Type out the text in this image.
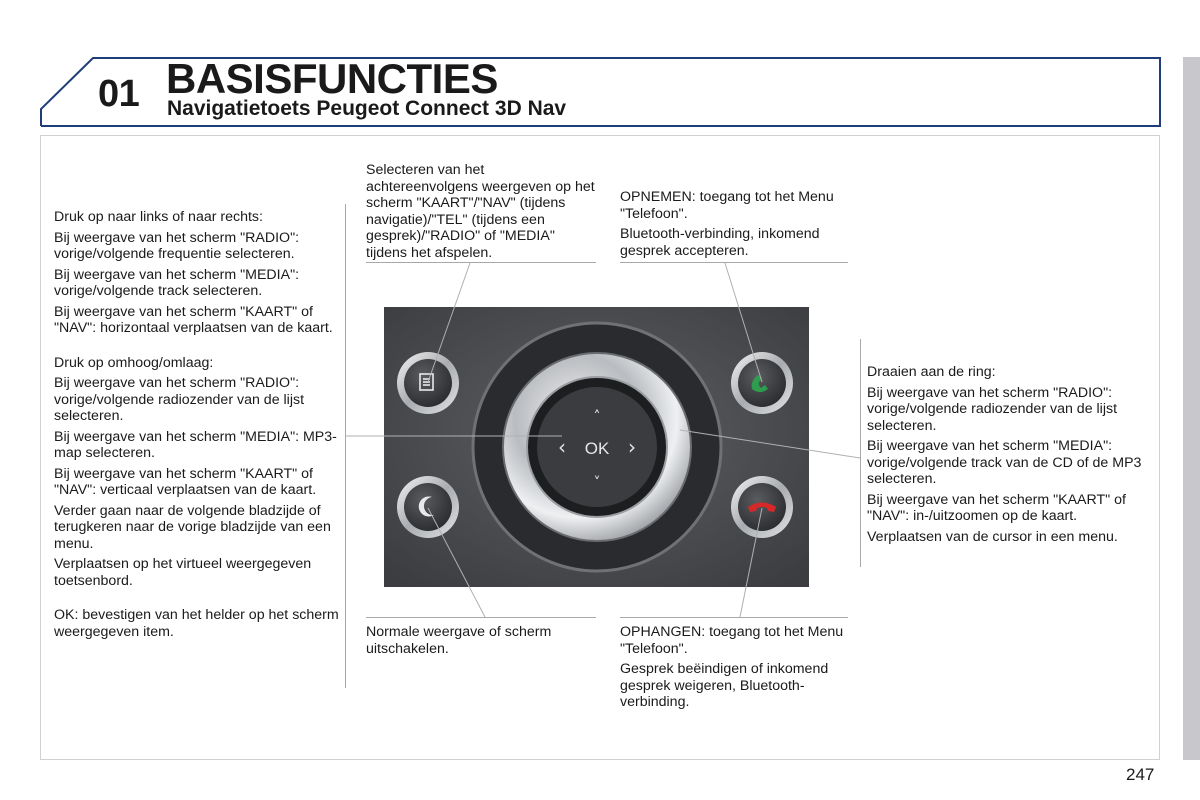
01 BASISFUNCTIES
Navigatietoets Peugeot Connect 3D Nav

Druk op naar links of naar rechts:

Bij weergave van het scherm "RADIO": vorige/volgende frequentie selecteren.

Bij weergave van het scherm "MEDIA": vorige/volgende track selecteren.

Bij weergave van het scherm "KAART" of "NAV": horizontaal verplaatsen van de kaart.

Druk op omhoog/omlaag:

Bij weergave van het scherm "RADIO": vorige/volgende radiozender van de lijst selecteren.

Bij weergave van het scherm "MEDIA": MP3-map selecteren.

Bij weergave van het scherm "KAART" of "NAV": verticaal verplaatsen van de kaart.

Verder gaan naar de volgende bladzijde of terugkeren naar de vorige bladzijde van een menu.

Verplaatsen op het virtueel weergegeven toetsenbord.

OK: bevestigen van het helder op het scherm weergegeven item.

Selecteren van het achtereenvolgens weergeven op het scherm "KAART"/"NAV" (tijdens navigatie)/"TEL" (tijdens een gesprek)/"RADIO" of "MEDIA" tijdens het afspelen.

OPNEMEN: toegang tot het Menu "Telefoon".

Bluetooth-verbinding, inkomend gesprek accepteren.

Draaien aan de ring:

Bij weergave van het scherm "RADIO": vorige/volgende radiozender van de lijst selecteren.

Bij weergave van het scherm "MEDIA": vorige/volgende track van de CD of de MP3 selecteren.

Bij weergave van het scherm "KAART" of "NAV": in-/uitzoomen op de kaart.

Verplaatsen van de cursor in een menu.

Normale weergave of scherm uitschakelen.

OPHANGEN: toegang tot het Menu "Telefoon".

Gesprek beëindigen of inkomend gesprek weigeren, Bluetooth-verbinding.

OK
˄
˅
‹	›
247
